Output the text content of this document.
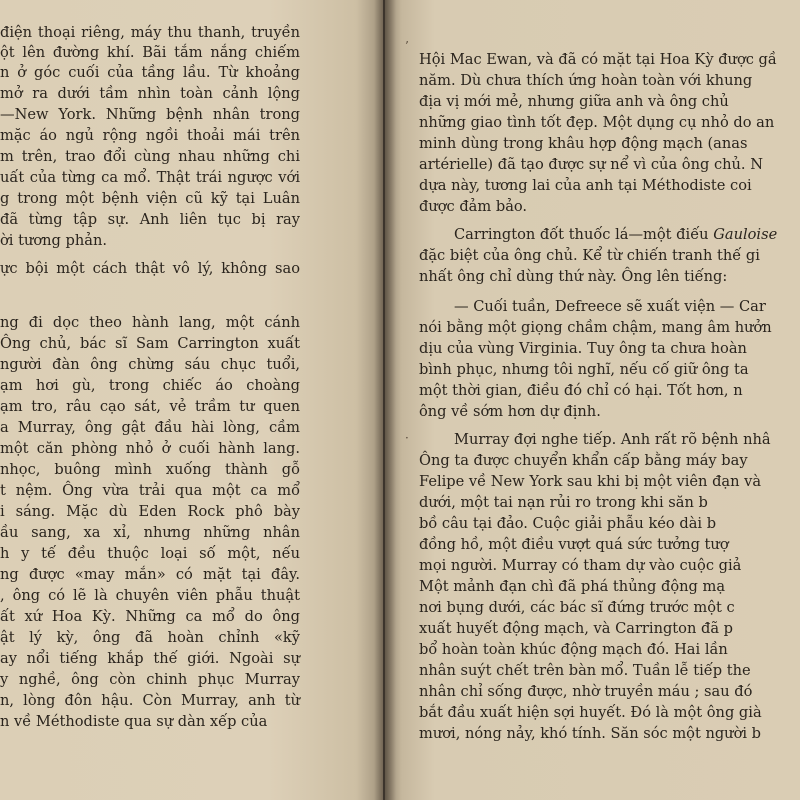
điện thoại riêng, máy thu thanh, truyền
ột lên đường khí. Bãi tắm nắng chiếm
n ở góc cuối của tầng lầu. Từ khoảng
mở ra dưới tầm nhìn toàn cảnh lộng
—New York. Những bệnh nhân trong
mặc áo ngủ rộng ngồi thoải mái trên
m trên, trao đổi cùng nhau những chi
uất của từng ca mổ. Thật trái ngược với
g trong một bệnh viện cũ kỹ tại Luân
đã từng tập sự. Anh liên tục bị ray
ời tương phản.
ực bội một cách thật vô lý, không sao
ng đi dọc theo hành lang, một cánh
Ông chủ, bác sĩ Sam Carrington xuất
người đàn ông chừng sáu chục tuổi,
ạm hơi gù, trong chiếc áo choàng
ạm tro, râu cạo sát, vẻ trầm tư quen
a Murray, ông gật đầu hài lòng, cầm
một căn phòng nhỏ ở cuối hành lang.
nhọc, buông mình xuống thành gỗ
t nệm. Ông vừa trải qua một ca mổ
i sáng. Mặc dù Eden Rock phô bày
ầu sang, xa xỉ, nhưng những nhân
h y tế đều thuộc loại số một, nếu
ng được «may mắn» có mặt tại đây.
, ông có lẽ là chuyên viên phẫu thuật
ất xứ Hoa Kỳ. Những ca mổ do ông
ật lý kỳ, ông đã hoàn chỉnh «kỹ
ay nổi tiếng khắp thế giới. Ngoài sự
y nghề, ông còn chinh phục Murray
n, lòng đôn hậu. Còn Murray, anh từ
n về Méthodiste qua sự dàn xếp của
Hội Mac Ewan, và đã có mặt tại Hoa Kỳ được gầ
năm. Dù chưa thích ứng hoàn toàn với khung
địa vị mới mẻ, nhưng giữa anh và ông chủ
những giao tình tốt đẹp. Một dụng cụ nhỏ do an
minh dùng trong khâu hợp động mạch (anas
artérielle) đã tạo được sự nể vì của ông chủ. N
dựa này, tương lai của anh tại Méthodiste coi
được đảm bảo.
Carrington đốt thuốc lá—một điếu Gauloise
đặc biệt của ông chủ. Kể từ chiến tranh thế gi
nhất ông chỉ dùng thứ này. Ông lên tiếng:
— Cuối tuần, Defreece sẽ xuất viện — Car
nói bằng một giọng chầm chậm, mang âm hưởn
dịu của vùng Virginia. Tuy ông ta chưa hoàn
bình phục, nhưng tôi nghĩ, nếu cố giữ ông ta
một thời gian, điều đó chỉ có hại. Tốt hơn, n
ông về sớm hơn dự định.
Murray đợi nghe tiếp. Anh rất rõ bệnh nhâ
Ông ta được chuyển khẩn cấp bằng máy bay
Felipe về New York sau khi bị một viên đạn và
dưới, một tai nạn rủi ro trong khi săn b
bồ câu tại đảo. Cuộc giải phẫu kéo dài b
đồng hồ, một điều vượt quá sức tưởng tượ
mọi người. Murray có tham dự vào cuộc giả
Một mảnh đạn chì đã phá thủng động mạ
nơi bụng dưới, các bác sĩ đứng trước một c
xuất huyết động mạch, và Carrington đã p
bổ hoàn toàn khúc động mạch đó. Hai lần
nhân suýt chết trên bàn mổ. Tuần lễ tiếp the
nhân chỉ sống được, nhờ truyền máu ; sau đó
bắt đầu xuất hiện sợi huyết. Đó là một ông già
mươi, nóng nảy, khó tính. Săn sóc một người b
’
·
